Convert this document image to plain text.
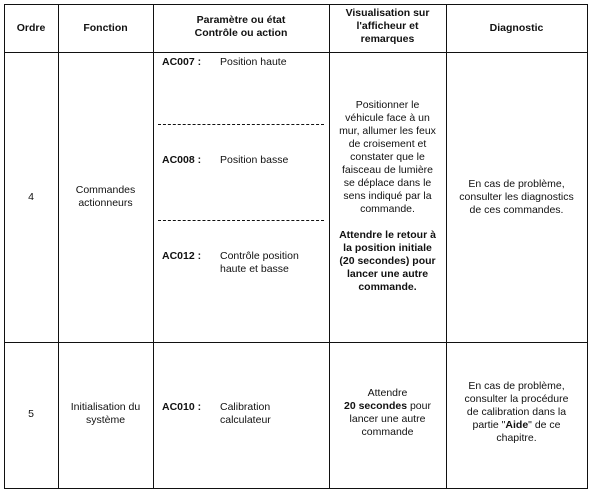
Ordre	Fonction
Paramètre ou état
Contrôle ou action
Visualisation sur
l'afficheur et
remarques
Diagnostic
4
Commandes
actionneurs
AC007 : Position haute
AC008 : Position basse
AC012 : Contrôle position
haute et basse
Positionner le
véhicule face à un
mur, allumer les feux
de croisement et
constater que le
faisceau de lumière
se déplace dans le
sens indiqué par la
commande.
Attendre le retour à
la position initiale
(20 secondes) pour
lancer une autre
commande.
En cas de problème,
consulter les diagnostics
de ces commandes.
5
Initialisation du
système
AC010 : Calibration
calculateur
Attendre
20 secondes pour
lancer une autre
commande
En cas de problème,
consulter la procédure
de calibration dans la
partie "Aide" de ce
chapitre.
